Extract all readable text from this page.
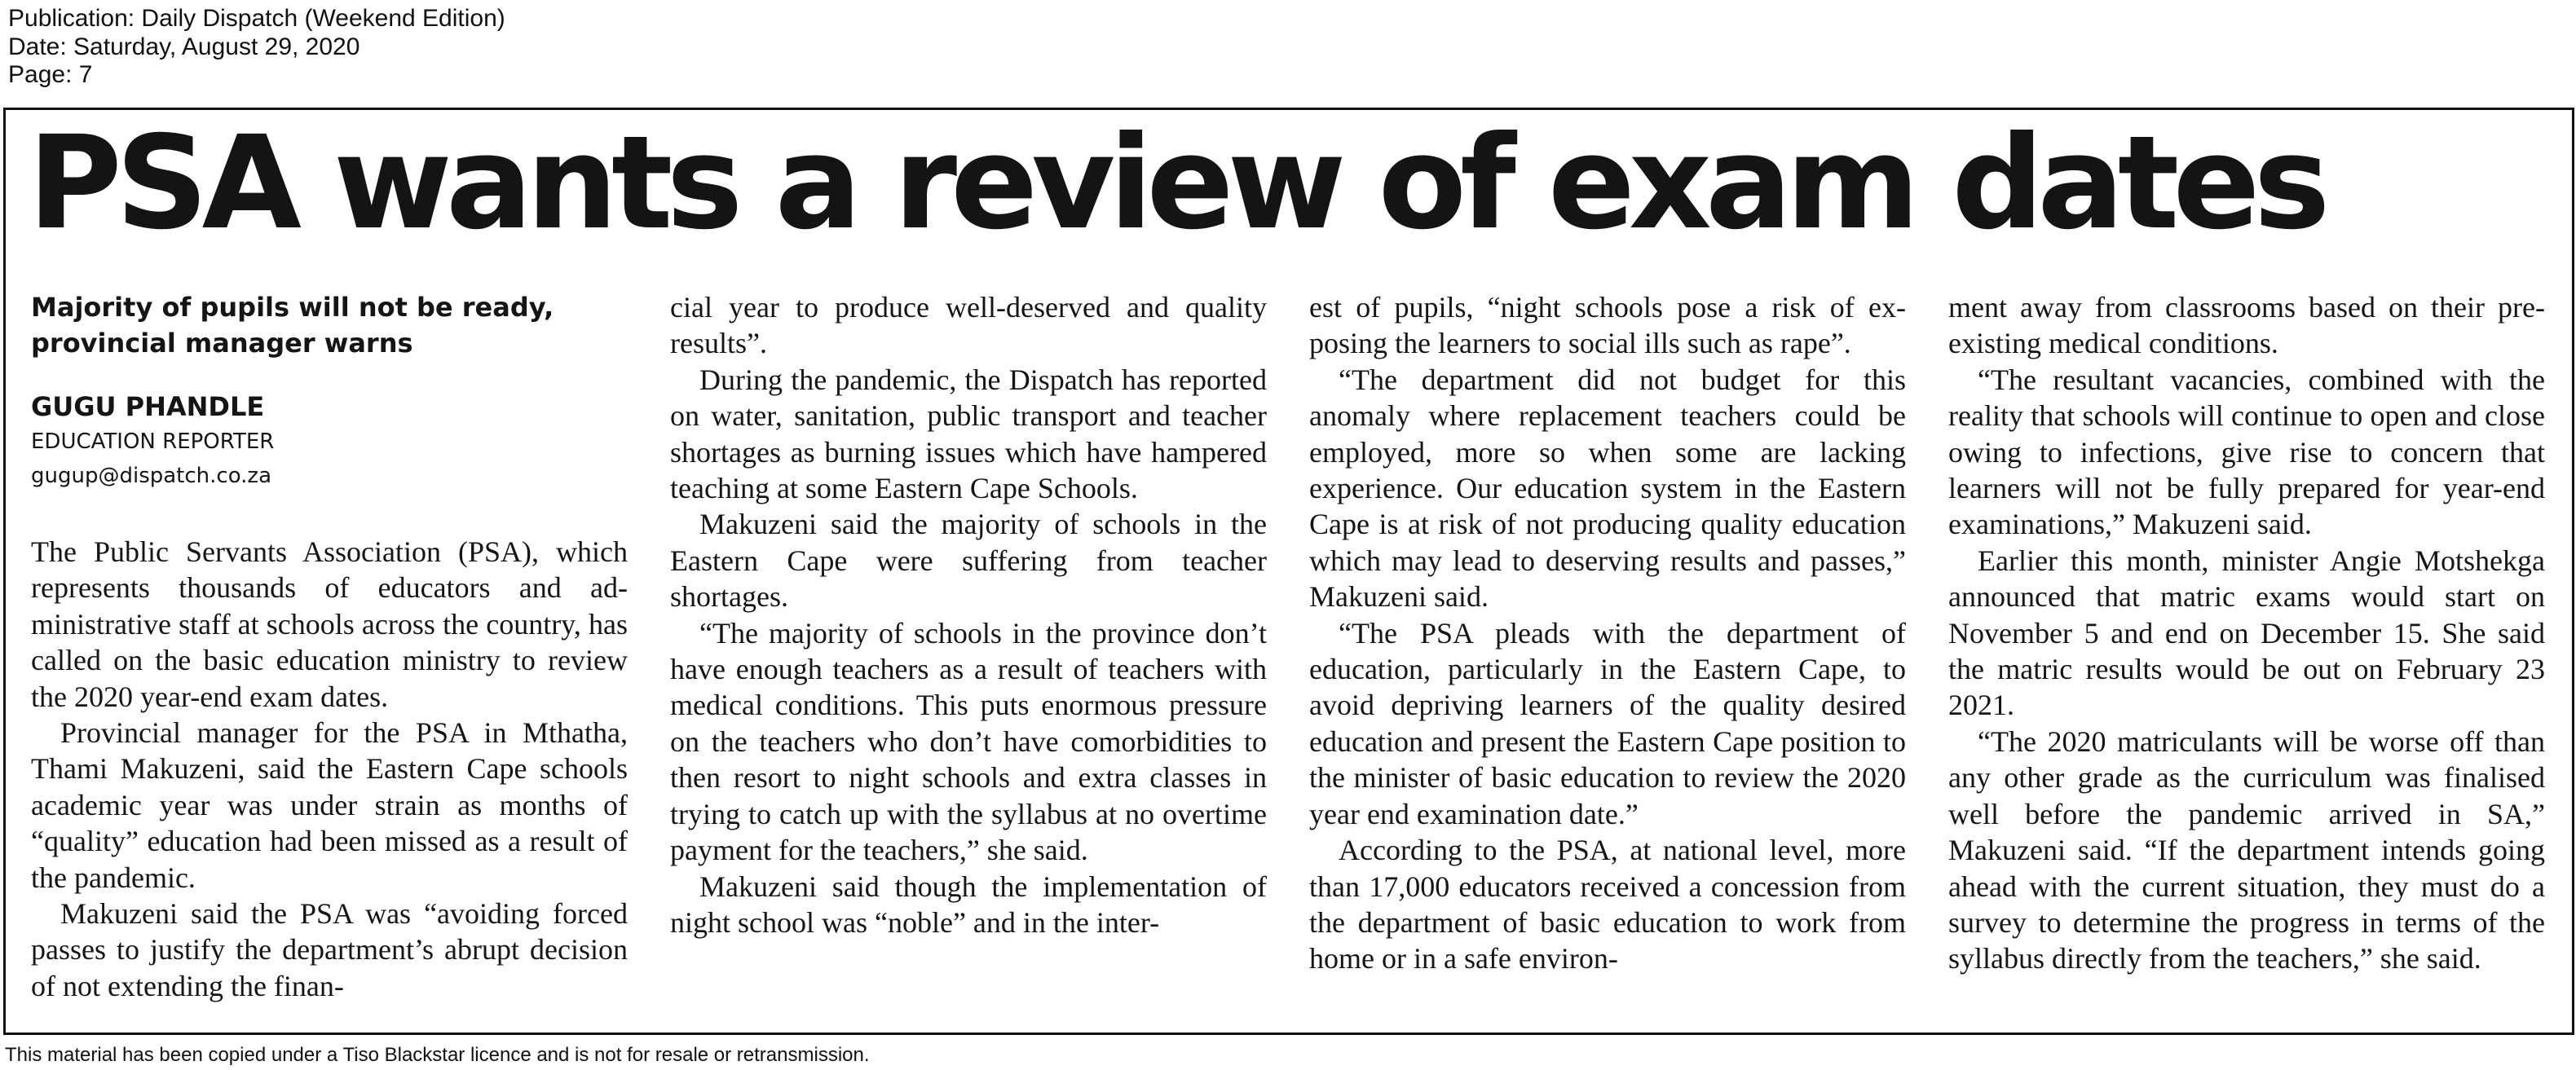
Publication: Daily Dispatch (Weekend Edition)
Date: Saturday, August 29, 2020
Page: 7
PSA wants a review of exam dates

Majority of pupils will not be ready, provincial manager warns

GUGU PHANDLE

EDUCATION REPORTER

gugup@dispatch.co.za

The Public Servants Association (PSA), which represents thousands of educators and administrative staff at schools across the country, has called on the basic education ministry to review the 2020 year-end exam dates.

Provincial manager for the PSA in Mthatha, Thami Makuzeni, said the Eastern Cape schools academic year was under strain as months of “quality” education had been missed as a result of the pandemic.

Makuzeni said the PSA was “avoiding forced passes to justify the department’s abrupt decision of not extending the finan-

cial year to produce well-deserved and quality results”.

During the pandemic, the Dispatch has reported on water, sanitation, public transport and teacher shortages as burning issues which have hampered teaching at some Eastern Cape Schools.

Makuzeni said the majority of schools in the Eastern Cape were suffering from teacher shortages.

“The majority of schools in the province don’t have enough teachers as a result of teachers with medical conditions. This puts enormous pressure on the teachers who don’t have comorbidities to then resort to night schools and extra classes in trying to catch up with the syllabus at no overtime payment for the teachers,” she said.

Makuzeni said though the implementation of night school was “noble” and in the inter-

est of pupils, “night schools pose a risk of exposing the learners to social ills such as rape”.

“The department did not budget for this anomaly where replacement teachers could be employed, more so when some are lacking experience. Our education system in the Eastern Cape is at risk of not producing quality education which may lead to deserving results and passes,” Makuzeni said.

“The PSA pleads with the department of education, particularly in the Eastern Cape, to avoid depriving learners of the quality desired education and present the Eastern Cape position to the minister of basic education to review the 2020 year end examination date.”

According to the PSA, at national level, more than 17,000 educators received a concession from the department of basic education to work from home or in a safe environ-

ment away from classrooms based on their pre-existing medical conditions.

“The resultant vacancies, combined with the reality that schools will continue to open and close owing to infections, give rise to concern that learners will not be fully prepared for year-end examinations,” Makuzeni said.

Earlier this month, minister Angie Motshekga announced that matric exams would start on November 5 and end on December 15. She said the matric results would be out on February 23 2021.

“The 2020 matriculants will be worse off than any other grade as the curriculum was finalised well before the pandemic arrived in SA,” Makuzeni said. “If the department intends going ahead with the current situation, they must do a survey to determine the progress in terms of the syllabus directly from the teachers,” she said.

This material has been copied under a Tiso Blackstar licence and is not for resale or retransmission.
